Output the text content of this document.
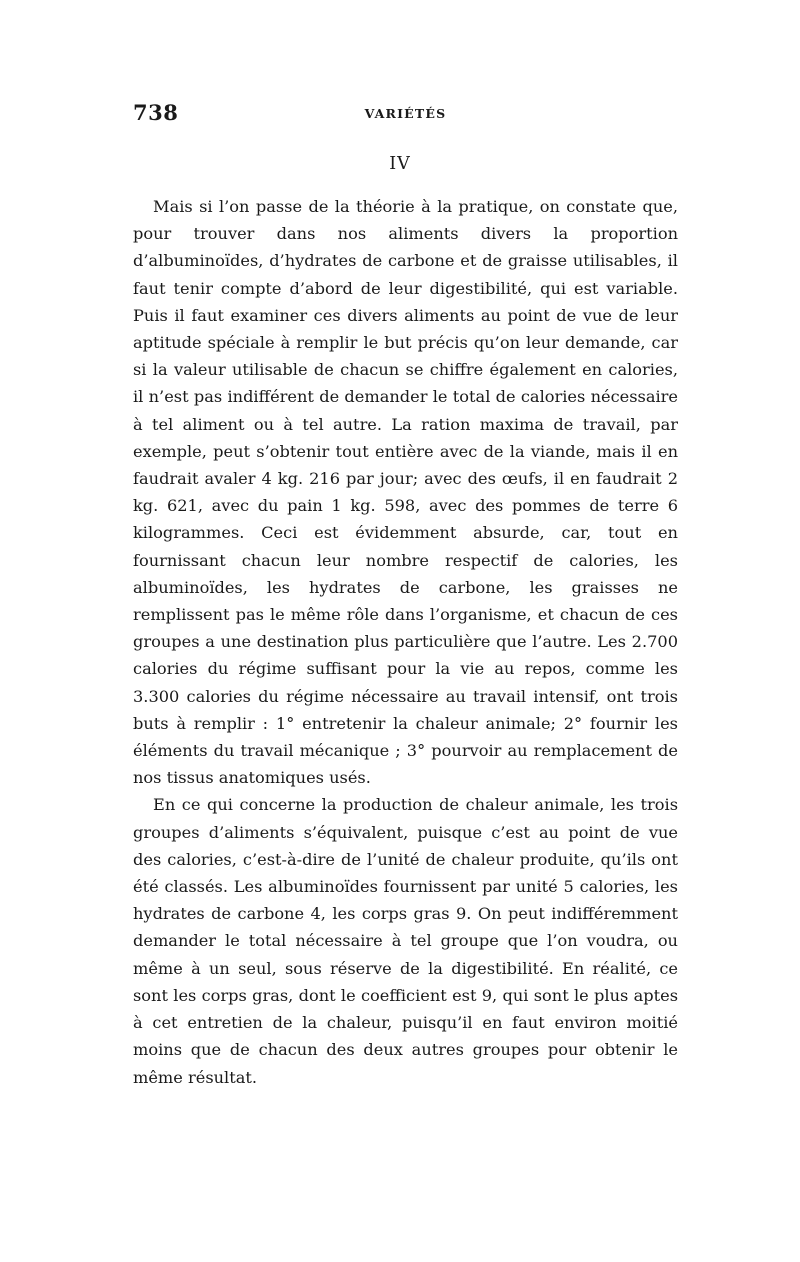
738	VARIÉTÉS
IV

Mais si l’on passe de la théorie à la pratique, on constate que, pour trouver dans nos aliments divers la proportion d’albuminoïdes, d’hydrates de carbone et de graisse utilisables, il faut tenir compte d’abord de leur digestibilité, qui est variable. Puis il faut examiner ces divers aliments au point de vue de leur aptitude spéciale à remplir le but précis qu’on leur demande, car si la valeur utilisable de chacun se chiffre également en calories, il n’est pas indifférent de demander le total de calories nécessaire à tel aliment ou à tel autre. La ration maxima de travail, par exemple, peut s’obtenir tout entière avec de la viande, mais il en faudrait avaler 4 kg. 216 par jour; avec des œufs, il en faudrait 2 kg. 621, avec du pain 1 kg. 598, avec des pommes de terre 6 kilogrammes. Ceci est évidemment absurde, car, tout en fournissant chacun leur nombre respectif de calories, les albuminoïdes, les hydrates de carbone, les graisses ne remplissent pas le même rôle dans l’organisme, et chacun de ces groupes a une destination plus particulière que l’autre. Les 2.700 calories du régime suffisant pour la vie au repos, comme les 3.300 calories du régime nécessaire au travail intensif, ont trois buts à remplir : 1° entretenir la chaleur animale; 2° fournir les éléments du travail mécanique ; 3° pourvoir au remplacement de nos tissus anatomiques usés.

En ce qui concerne la production de chaleur animale, les trois groupes d’aliments s’équivalent, puisque c’est au point de vue des calories, c’est-à-dire de l’unité de chaleur produite, qu’ils ont été classés. Les albuminoïdes fournissent par unité 5 calories, les hydrates de carbone 4, les corps gras 9. On peut indifféremment demander le total nécessaire à tel groupe que l’on voudra, ou même à un seul, sous réserve de la digestibilité. En réalité, ce sont les corps gras, dont le coefficient est 9, qui sont le plus aptes à cet entretien de la chaleur, puisqu’il en faut environ moitié moins que de chacun des deux autres groupes pour obtenir le même résultat.
